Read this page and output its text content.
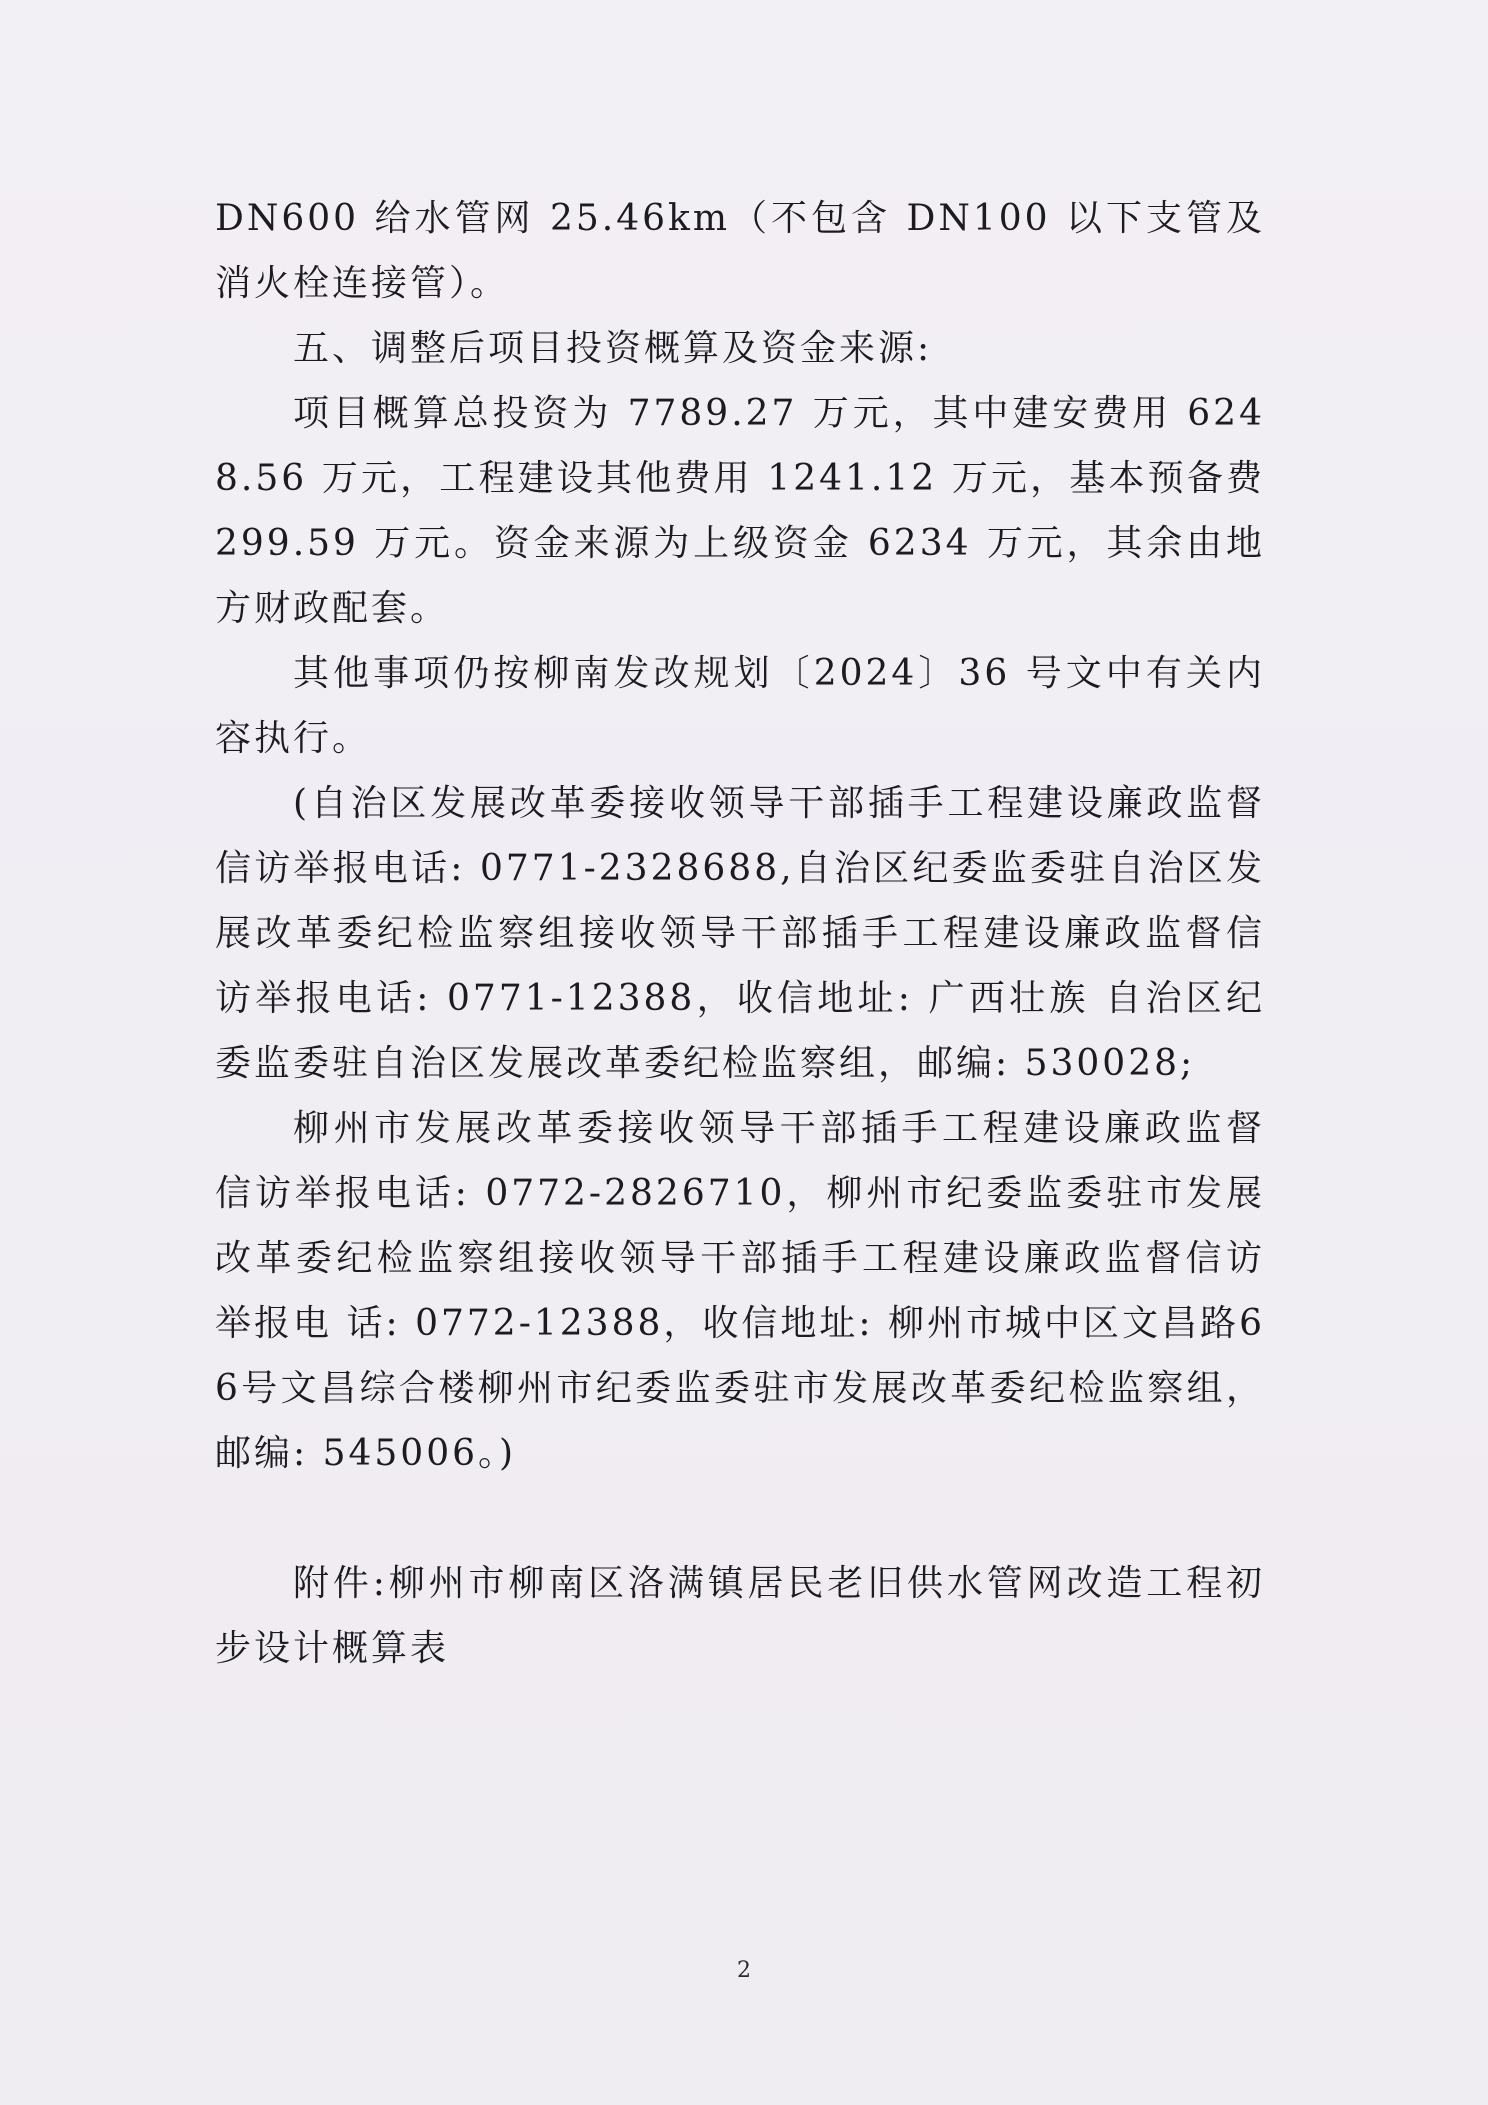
DN600 给水管网 25.46km（不包含 DN100 以下支管及消火栓连接管）。

五、调整后项目投资概算及资金来源:

项目概算总投资为 7789.27 万元，其中建安费用 6248.56 万元，工程建设其他费用 1241.12 万元，基本预备费 299.59 万元。资金来源为上级资金 6234 万元，其余由地方财政配套。

其他事项仍按柳南发改规划〔2024〕36 号文中有关内容执行。

(自治区发展改革委接收领导干部插手工程建设廉政监督信访举报电话: 0771-2328688,自治区纪委监委驻自治区发展改革委纪检监察组接收领导干部插手工程建设廉政监督信访举报电话: 0771-12388，收信地址: 广西壮族 自治区纪委监委驻自治区发展改革委纪检监察组，邮编: 530028;

柳州市发展改革委接收领导干部插手工程建设廉政监督信访举报电话: 0772-2826710，柳州市纪委监委驻市发展改革委纪检监察组接收领导干部插手工程建设廉政监督信访举报电 话: 0772-12388，收信地址: 柳州市城中区文昌路66号文昌综合楼柳州市纪委监委驻市发展改革委纪检监察组，邮编: 545006。)

附件:柳州市柳南区洛满镇居民老旧供水管网改造工程初步设计概算表

2
